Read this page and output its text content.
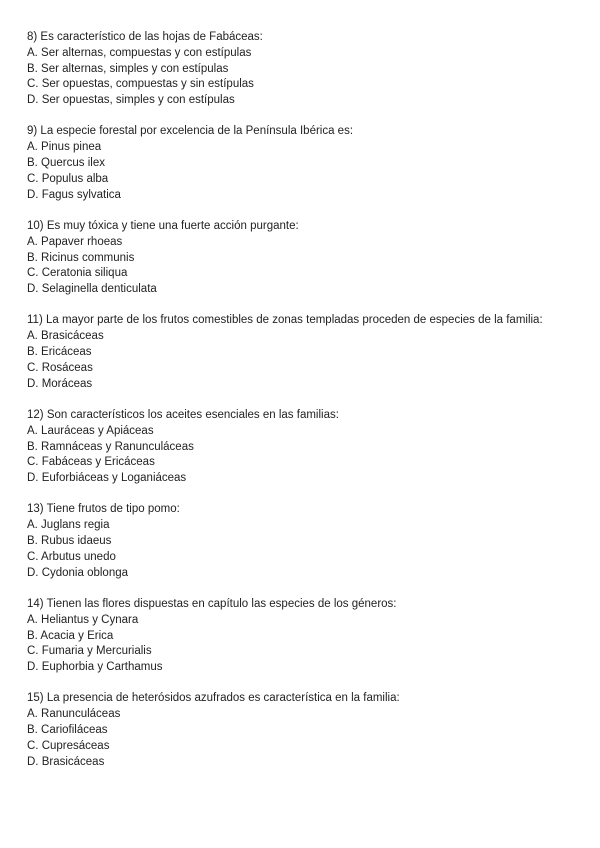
8) Es característico de las hojas de Fabáceas:

A. Ser alternas, compuestas y con estípulas

B. Ser alternas, simples y con estípulas

C. Ser opuestas, compuestas y sin estípulas

D. Ser opuestas, simples y con estípulas

9) La especie forestal por excelencia de la Península Ibérica es:

A. Pinus pinea

B. Quercus ilex

C. Populus alba

D. Fagus sylvatica

10) Es muy tóxica y tiene una fuerte acción purgante:

A. Papaver rhoeas

B. Ricinus communis

C. Ceratonia siliqua

D. Selaginella denticulata

11) La mayor parte de los frutos comestibles de zonas templadas proceden de especies de la familia:

A. Brasicáceas

B. Ericáceas

C. Rosáceas

D. Moráceas

12) Son característicos los aceites esenciales en las familias:

A. Lauráceas y Apiáceas

B. Ramnáceas y Ranunculáceas

C. Fabáceas y Ericáceas

D. Euforbiáceas y Loganiáceas

13) Tiene frutos de tipo pomo:

A. Juglans regia

B. Rubus idaeus

C. Arbutus unedo

D. Cydonia oblonga

14) Tienen las flores dispuestas en capítulo las especies de los géneros:

A. Heliantus y Cynara

B. Acacia y Erica

C. Fumaria y Mercurialis

D. Euphorbia y Carthamus

15) La presencia de heterósidos azufrados es característica en la familia:

A. Ranunculáceas

B. Cariofiláceas

C. Cupresáceas

D. Brasicáceas
